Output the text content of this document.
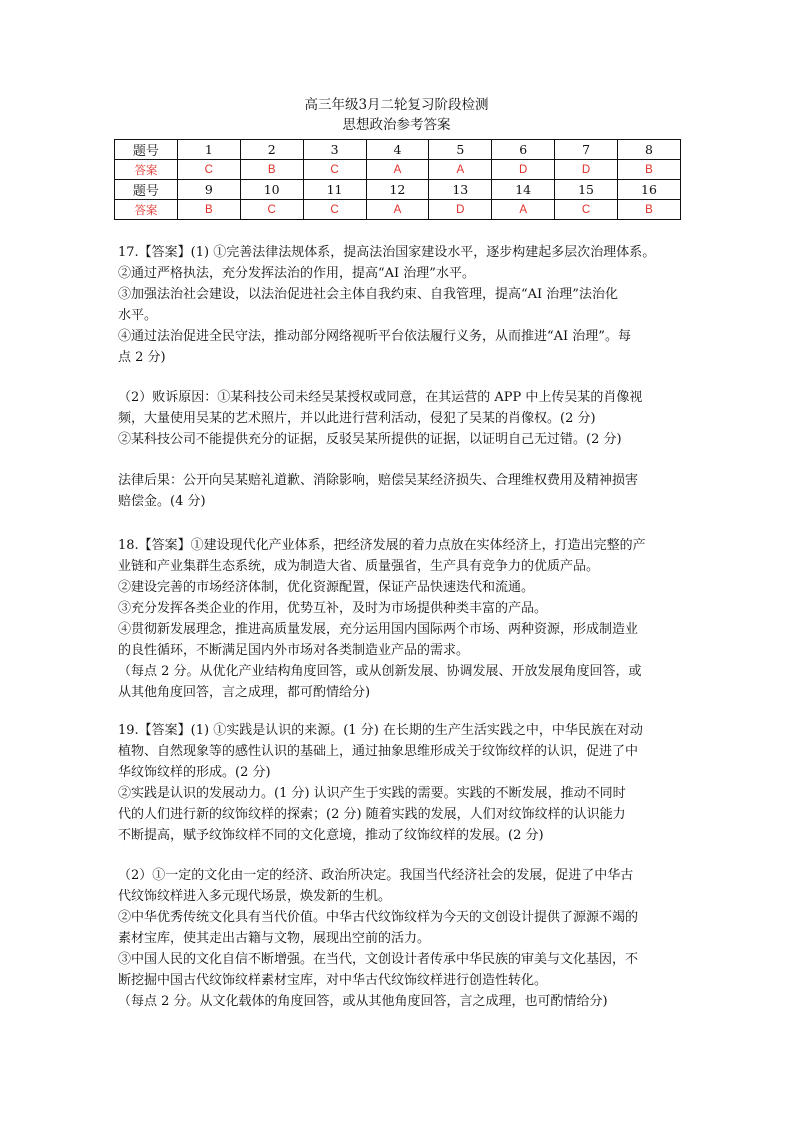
高三年级3月二轮复习阶段检测
思想政治参考答案
题号	1	2	3	4	5	6	7	8
答案	C	B	C	A	A	D	D	B
题号	9	10	11	12	13	14	15	16
答案	B	C	C	A	D	A	C	B

17.【答案】(1) ①完善法律法规体系，提高法治国家建设水平，逐步构建起多层次治理体系。

②通过严格执法，充分发挥法治的作用，提高“AI 治理”水平。

③加强法治社会建设，以法治促进社会主体自我约束、自我管理，提高“AI 治理”法治化

水平。

④通过法治促进全民守法，推动部分网络视听平台依法履行义务，从而推进“AI 治理”。每

点 2 分)

（2）败诉原因：①某科技公司未经吴某授权或同意，在其运营的 APP 中上传吴某的肖像视

频，大量使用吴某的艺术照片，并以此进行营利活动，侵犯了吴某的肖像权。(2 分)

②某科技公司不能提供充分的证据，反驳吴某所提供的证据，以证明自己无过错。(2 分)

法律后果：公开向吴某赔礼道歉、消除影响，赔偿吴某经济损失、合理维权费用及精神损害

赔偿金。(4 分)

18.【答案】①建设现代化产业体系，把经济发展的着力点放在实体经济上，打造出完整的产

业链和产业集群生态系统，成为制造大省、质量强省，生产具有竞争力的优质产品。

②建设完善的市场经济体制，优化资源配置，保证产品快速迭代和流通。

③充分发挥各类企业的作用，优势互补，及时为市场提供种类丰富的产品。

④贯彻新发展理念，推进高质量发展，充分运用国内国际两个市场、两种资源，形成制造业

的良性循环，不断满足国内外市场对各类制造业产品的需求。

（每点 2 分。从优化产业结构角度回答，或从创新发展、协调发展、开放发展角度回答，或

从其他角度回答，言之成理，都可酌情给分)

19.【答案】(1) ①实践是认识的来源。(1 分) 在长期的生产生活实践之中，中华民族在对动

植物、自然现象等的感性认识的基础上，通过抽象思维形成关于纹饰纹样的认识，促进了中

华纹饰纹样的形成。(2 分)

②实践是认识的发展动力。(1 分) 认识产生于实践的需要。实践的不断发展，推动不同时

代的人们进行新的纹饰纹样的探索；(2 分) 随着实践的发展，人们对纹饰纹样的认识能力

不断提高，赋予纹饰纹样不同的文化意境，推动了纹饰纹样的发展。(2 分)

（2）①一定的文化由一定的经济、政治所决定。我国当代经济社会的发展，促进了中华古

代纹饰纹样进入多元现代场景，焕发新的生机。

②中华优秀传统文化具有当代价值。中华古代纹饰纹样为今天的文创设计提供了源源不竭的

素材宝库，使其走出古籍与文物，展现出空前的活力。

③中国人民的文化自信不断增强。在当代，文创设计者传承中华民族的审美与文化基因，不

断挖掘中国古代纹饰纹样素材宝库，对中华古代纹饰纹样进行创造性转化。

（每点 2 分。从文化载体的角度回答，或从其他角度回答，言之成理，也可酌情给分)
